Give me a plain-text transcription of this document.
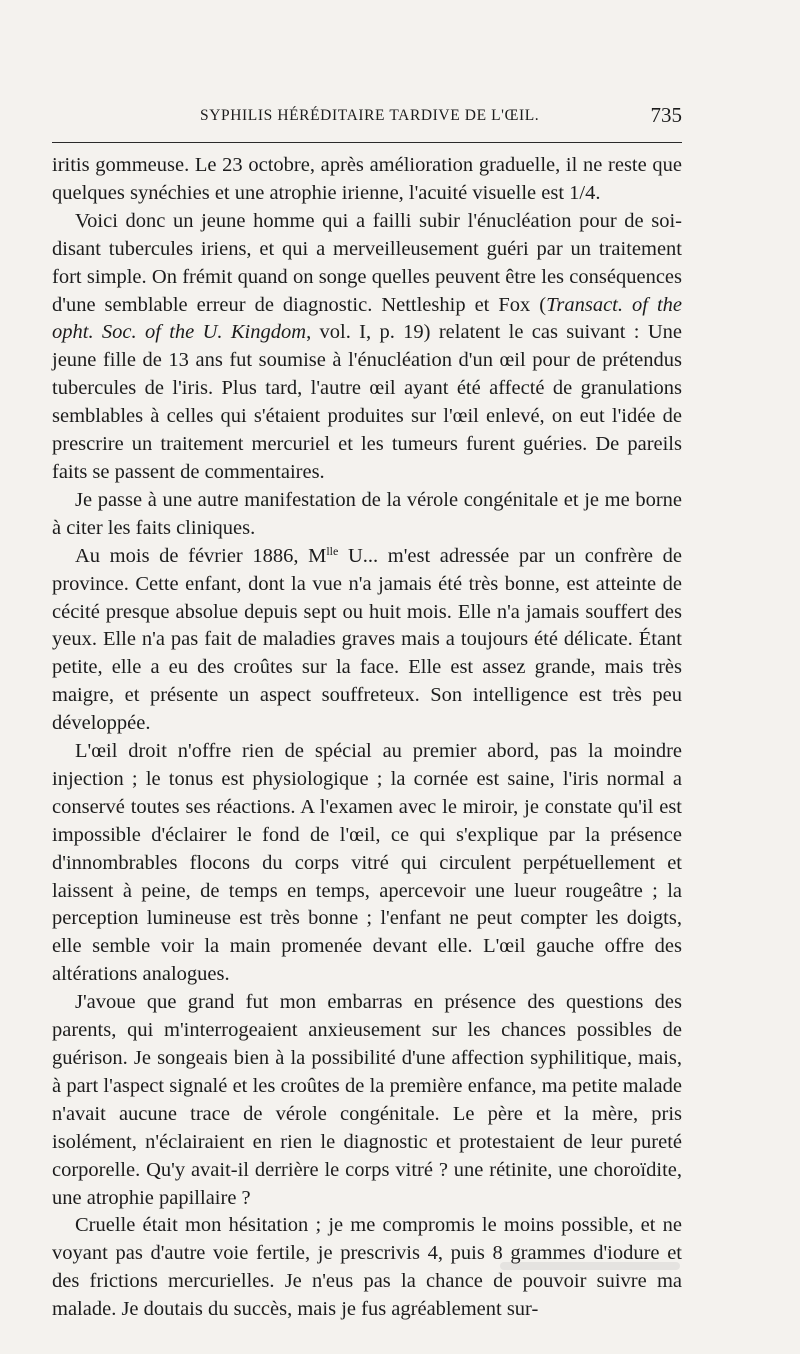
SYPHILIS HÉRÉDITAIRE TARDIVE DE L'ŒIL.	735

iritis gommeuse. Le 23 octobre, après amélioration graduelle, il ne reste que quelques synéchies et une atrophie irienne, l'acuité visuelle est 1/4.

Voici donc un jeune homme qui a failli subir l'énucléation pour de soi-disant tubercules iriens, et qui a merveilleusement guéri par un traitement fort simple. On frémit quand on songe quelles peuvent être les conséquences d'une semblable erreur de diagnostic. Nettleship et Fox (Transact. of the opht. Soc. of the U. Kingdom, vol. I, p. 19) relatent le cas suivant : Une jeune fille de 13 ans fut soumise à l'énucléation d'un œil pour de prétendus tubercules de l'iris. Plus tard, l'autre œil ayant été affecté de granulations semblables à celles qui s'étaient produites sur l'œil enlevé, on eut l'idée de prescrire un traitement mercuriel et les tumeurs furent guéries. De pareils faits se passent de commentaires.

Je passe à une autre manifestation de la vérole congénitale et je me borne à citer les faits cliniques.

Au mois de février 1886, $M^{lle}$ U... m'est adressée par un confrère de province. Cette enfant, dont la vue n'a jamais été très bonne, est atteinte de cécité presque absolue depuis sept ou huit mois. Elle n'a jamais souffert des yeux. Elle n'a pas fait de maladies graves mais a toujours été délicate. Étant petite, elle a eu des croûtes sur la face. Elle est assez grande, mais très maigre, et présente un aspect souffreteux. Son intelligence est très peu développée.

L'œil droit n'offre rien de spécial au premier abord, pas la moindre injection ; le tonus est physiologique ; la cornée est saine, l'iris normal a conservé toutes ses réactions. A l'examen avec le miroir, je constate qu'il est impossible d'éclairer le fond de l'œil, ce qui s'explique par la présence d'innombrables flocons du corps vitré qui circulent perpétuellement et laissent à peine, de temps en temps, apercevoir une lueur rougeâtre ; la perception lumineuse est très bonne ; l'enfant ne peut compter les doigts, elle semble voir la main promenée devant elle. L'œil gauche offre des altérations analogues.

J'avoue que grand fut mon embarras en présence des questions des parents, qui m'interrogeaient anxieusement sur les chances possibles de guérison. Je songeais bien à la possibilité d'une affection syphilitique, mais, à part l'aspect signalé et les croûtes de la première enfance, ma petite malade n'avait aucune trace de vérole congénitale. Le père et la mère, pris isolément, n'éclairaient en rien le diagnostic et protestaient de leur pureté corporelle. Qu'y avait-il derrière le corps vitré ? une rétinite, une choroïdite, une atrophie papillaire ?

Cruelle était mon hésitation ; je me compromis le moins possible, et ne voyant pas d'autre voie fertile, je prescrivis 4, puis 8 grammes d'iodure et des frictions mercurielles. Je n'eus pas la chance de pouvoir suivre ma malade. Je doutais du succès, mais je fus agréablement sur-
